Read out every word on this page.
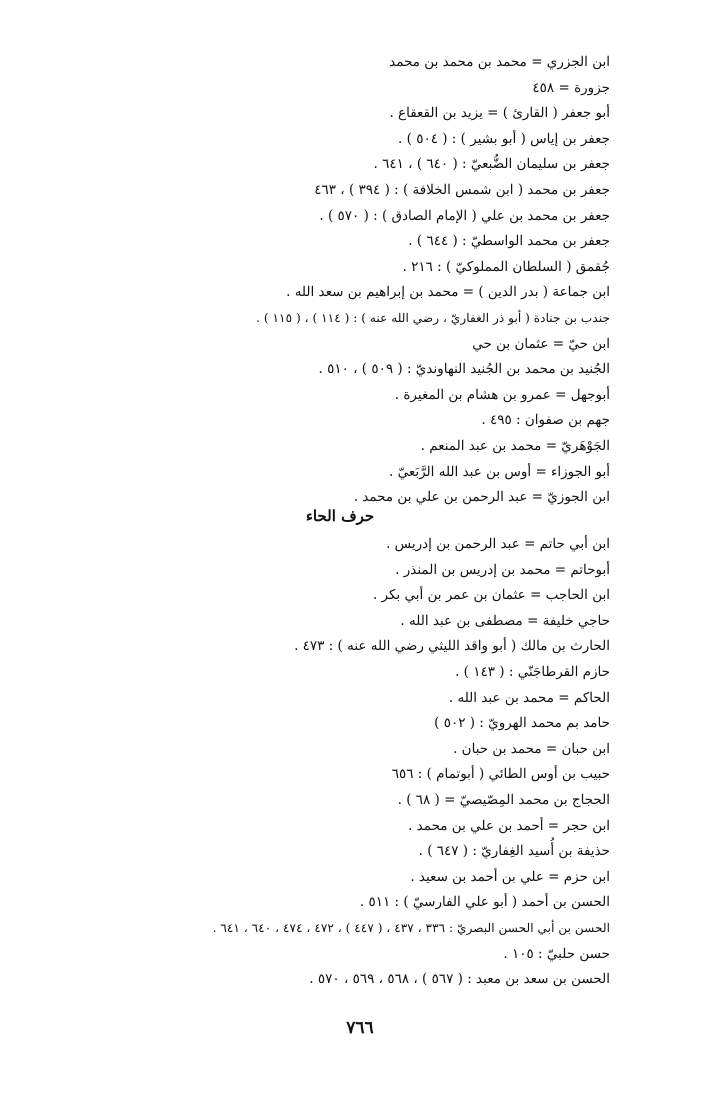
ابن الجزري = محمد بن محمد بن محمد
جزورة = ٤٥٨
أبو جعفر ( القارئ ) = يزيد بن القعقاع .
جعفر بن إياس ( أبو بشير ) : ( ٥٠٤ ) .
جعفر بن سليمان الضُّبعيّ : ( ٦٤٠ ) ، ٦٤١ .
جعفر بن محمد ( ابن شمس الخلافة ) : ( ٣٩٤ ) ، ٤٦٣
جعفر بن محمد بن علي ( الإمام الصادق ) : ( ٥٧٠ ) .
جعفر بن محمد الواسطيّ : ( ٦٤٤ ) .
جُقمق ( السلطان المملوكيّ ) : ٢١٦ .
ابن جماعة ( بدر الدين ) = محمد بن إبراهيم بن سعد الله .
جندب بن جنادة ( أبو ذر الغفاريّ ، رضي الله عنه ) : ( ١١٤ ) ، ( ١١٥ ) .
ابن حيّ = عثمان بن حي
الجُنيد بن محمد بن الجُنيد النهاونديّ : ( ٥٠٩ ) ، ٥١٠ .
أبوجهل = عمرو بن هشام بن المغيرة .
جهم بن صفوان : ٤٩٥ .
الجَوْهَريّ = محمد بن عبد المنعم .
أبو الجوزاء = أوس بن عبد الله الرَّبَعيّ .
ابن الجوزيّ = عبد الرحمن بن علي بن محمد .
حرف الحاء
ابن أبي حاتم = عبد الرحمن بن إدريس .
أبوحاتم = محمد بن إدريس بن المنذر .
ابن الحاجب = عثمان بن عمر بن أبي بكر .
حاجي خليفة = مصطفى بن عبد الله .
الحارث بن مالك ( أبو واقد الليثي رضي الله عنه ) : ٤٧٣ .
حازم القرطاجَنّي : ( ١٤٣ ) .
الحاكم = محمد بن عبد الله .
حامد بم محمد الهرويّ : ( ٥٠٢ )
ابن حبان = محمد بن حبان .
حبيب بن أوس الطائي ( أبوتمام ) : ٦٥٦
الحجاج بن محمد المِصّيصيّ = ( ٦٨ ) .
ابن حجر = أحمد بن علي بن محمد .
حذيفة بن أُسيد الغِفاريّ : ( ٦٤٧ ) .
ابن حزم = علي بن أحمد بن سعيد .
الحسن بن أحمد ( أبو علي الفارسيّ ) : ٥١١ .
الحسن بن أبي الحسن البصريّ : ٣٣٦ ، ٤٣٧ ، ( ٤٤٧ ) ، ٤٧٢ ، ٤٧٤ ، ٦٤٠ ، ٦٤١ .
حسن حلبيّ : ١٠٥ .
الحسن بن سعد بن معبد : ( ٥٦٧ ) ، ٥٦٨ ، ٥٦٩ ، ٥٧٠ .
٧٦٦
